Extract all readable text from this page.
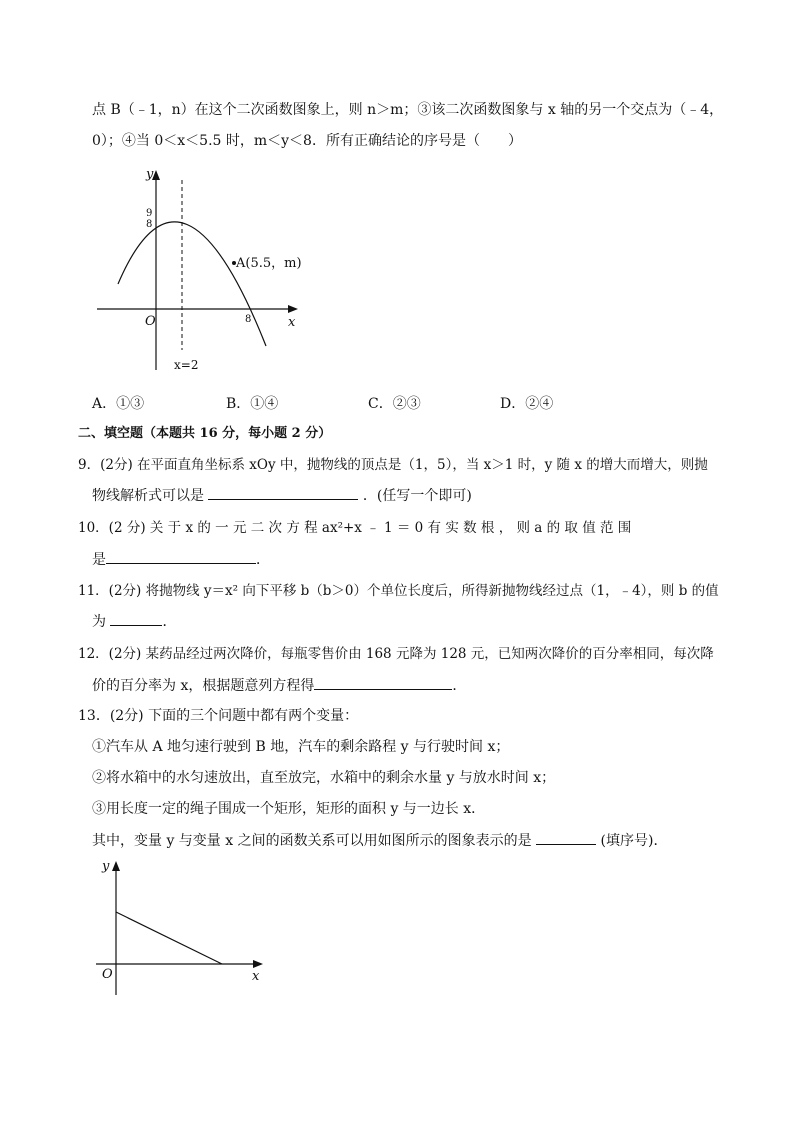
点 B（﹣1，n）在这个二次函数图象上，则 n＞m；③该二次函数图象与 x 轴的另一个交点为（﹣4，
0）；④当 0＜x＜5.5 时，m＜y＜8．所有正确结论的序号是（　　）
y
x
O
9
8
8
A(5.5，m)
x=2
A．①③	B．①④	C．②③	D．②④
二、填空题（本题共 16 分，每小题 2 分）
9．(2分) 在平面直角坐标系 xOy 中，抛物线的顶点是（1，5），当 x＞1 时，y 随 x 的增大而增大，则抛
物线解析式可以是	．(任写一个即可)
10．(2 分) 关 于 x 的 一 元 二 次 方 程 ax²+x ﹣ 1 ＝ 0 有 实 数 根 ， 则 a 的 取 值 范 围
是	．
11．(2分) 将抛物线 y＝x² 向下平移 b（b＞0）个单位长度后，所得新抛物线经过点（1，﹣4），则 b 的值
为	．
12．(2分) 某药品经过两次降价，每瓶零售价由 168 元降为 128 元，已知两次降价的百分率相同，每次降
价的百分率为 x，根据题意列方程得	．
13．(2分) 下面的三个问题中都有两个变量：
①汽车从 A 地匀速行驶到 B 地，汽车的剩余路程 y 与行驶时间 x；
②将水箱中的水匀速放出，直至放完，水箱中的剩余水量 y 与放水时间 x；
③用长度一定的绳子围成一个矩形，矩形的面积 y 与一边长 x．
其中，变量 y 与变量 x 之间的函数关系可以用如图所示的图象表示的是	(填序号)．
y
x
O
